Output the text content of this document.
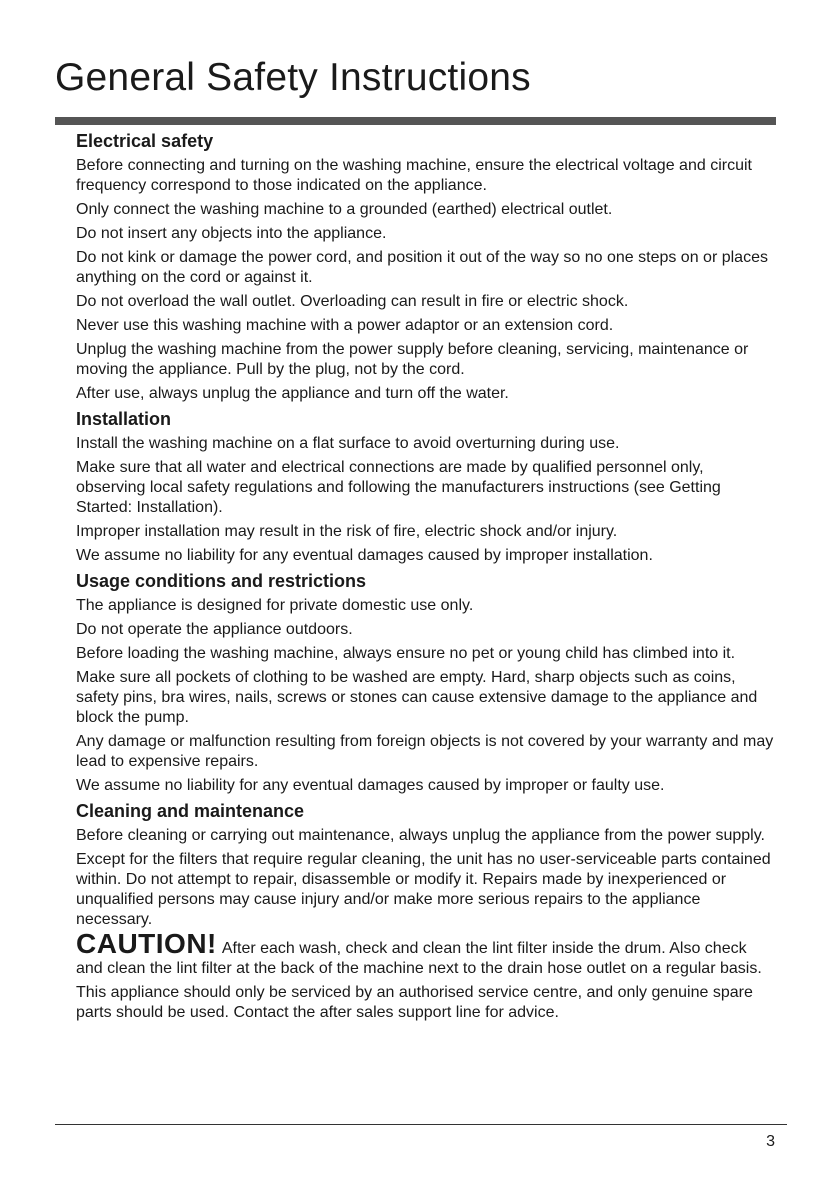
General Safety Instructions
Electrical safety

Before connecting and turning on the washing machine, ensure the electrical voltage and circuit frequency correspond to those indicated on the appliance.

Only connect the washing machine to a grounded (earthed) electrical outlet.

Do not insert any objects into the appliance.

Do not kink or damage the power cord, and position it out of the way so no one steps on or places anything on the cord or against it.

Do not overload the wall outlet. Overloading can result in fire or electric shock.

Never use this washing machine with a power adaptor or an extension cord.

Unplug the washing machine from the power supply before cleaning, servicing, maintenance or moving the appliance. Pull by the plug, not by the cord.

After use, always unplug the appliance and turn off the water.

Installation

Install the washing machine on a flat surface to avoid overturning during use.

Make sure that all water and electrical connections are made by qualified personnel only, observing local safety regulations and following the manufacturers instructions (see Getting Started: Installation).

Improper installation may result in the risk of fire, electric shock and/or injury.

We assume no liability for any eventual damages caused by improper installation.

Usage conditions and restrictions

The appliance is designed for private domestic use only.

Do not operate the appliance outdoors.

Before loading the washing machine, always ensure no pet or young child has climbed into it.

Make sure all pockets of clothing to be washed are empty. Hard, sharp objects such as coins, safety pins, bra wires, nails, screws or stones can cause extensive damage to the appliance and block the pump.

Any damage or malfunction resulting from foreign objects is not covered by your warranty and may lead to expensive repairs.

We assume no liability for any eventual damages caused by improper or faulty use.

Cleaning and maintenance

Before cleaning or carrying out maintenance, always unplug the appliance from the power supply.

Except for the filters that require regular cleaning, the unit has no user-serviceable parts contained within. Do not attempt to repair, disassemble or modify it. Repairs made by inexperienced or unqualified persons may cause injury and/or make more serious repairs to the appliance necessary.

CAUTION! After each wash, check and clean the lint filter inside the drum. Also check and clean the lint filter at the back of the machine next to the drain hose outlet on a regular basis.

This appliance should only be serviced by an authorised service centre, and only genuine spare parts should be used. Contact the after sales support line for advice.

3
